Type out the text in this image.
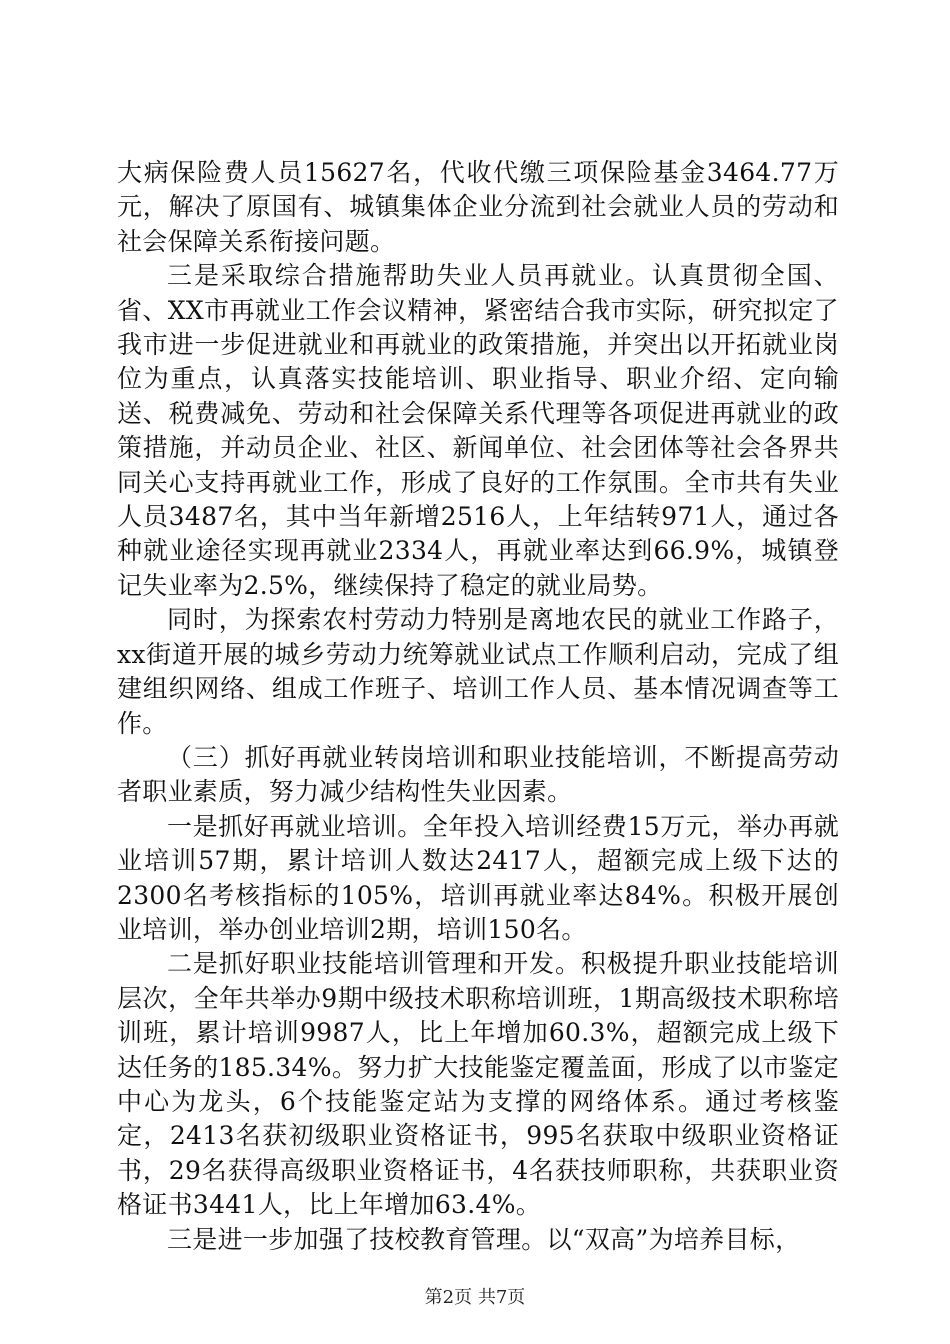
大病保险费人员15627名，代收代缴三项保险基金3464.77万元，解决了原国有、城镇集体企业分流到社会就业人员的劳动和社会保障关系衔接问题。

三是采取综合措施帮助失业人员再就业。认真贯彻全国、省、XX市再就业工作会议精神，紧密结合我市实际，研究拟定了我市进一步促进就业和再就业的政策措施，并突出以开拓就业岗位为重点，认真落实技能培训、职业指导、职业介绍、定向输送、税费减免、劳动和社会保障关系代理等各项促进再就业的政策措施，并动员企业、社区、新闻单位、社会团体等社会各界共同关心支持再就业工作，形成了良好的工作氛围。全市共有失业人员3487名，其中当年新增2516人，上年结转971人，通过各种就业途径实现再就业2334人，再就业率达到66.9%，城镇登记失业率为2.5%，继续保持了稳定的就业局势。

同时，为探索农村劳动力特别是离地农民的就业工作路子，xx街道开展的城乡劳动力统筹就业试点工作顺利启动，完成了组建组织网络、组成工作班子、培训工作人员、基本情况调查等工作。

（三）抓好再就业转岗培训和职业技能培训，不断提高劳动者职业素质，努力减少结构性失业因素。

一是抓好再就业培训。全年投入培训经费15万元，举办再就业培训57期，累计培训人数达2417人，超额完成上级下达的2300名考核指标的105%，培训再就业率达84%。积极开展创业培训，举办创业培训2期，培训150名。

二是抓好职业技能培训管理和开发。积极提升职业技能培训层次，全年共举办9期中级技术职称培训班，1期高级技术职称培训班，累计培训9987人，比上年增加60.3%，超额完成上级下达任务的185.34%。努力扩大技能鉴定覆盖面，形成了以市鉴定中心为龙头，6个技能鉴定站为支撑的网络体系。通过考核鉴定，2413名获初级职业资格证书，995名获取中级职业资格证书，29名获得高级职业资格证书，4名获技师职称，共获职业资格证书3441人，比上年增加63.4%。

三是进一步加强了技校教育管理。以“双高”为培养目标，

第2页 共7页
